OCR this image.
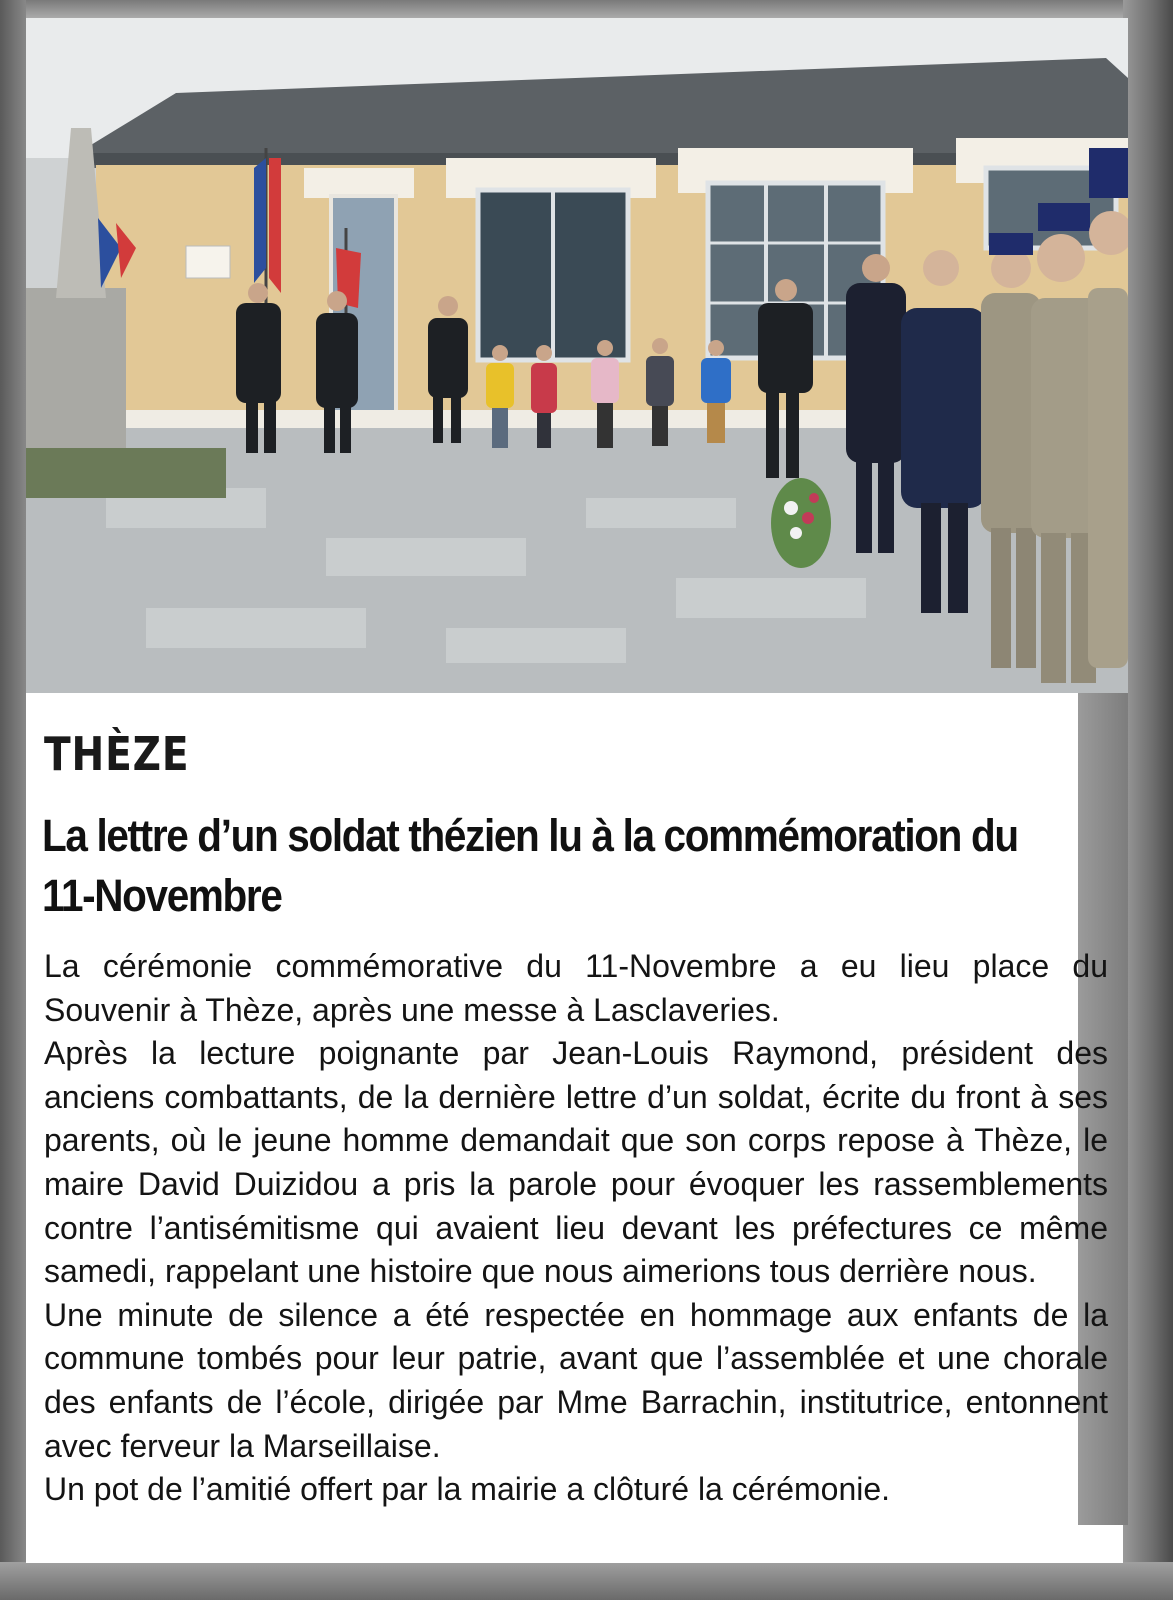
THÈZE
La lettre d’un soldat thézien lu à la commémoration du 11-Novembre

La cérémonie commémorative du 11-Novembre a eu lieu place du Souvenir à Thèze, après une messe à Lasclaveries.

Après la lecture poignante par Jean-Louis Raymond, président des anciens combattants, de la dernière lettre d’un soldat, écrite du front à ses parents, où le jeune homme demandait que son corps repose à Thèze, le maire David Duizidou a pris la parole pour évoquer les rassemblements contre l’antisémitisme qui avaient lieu devant les préfectures ce même samedi, rappelant une histoire que nous aimerions tous derrière nous.

Une minute de silence a été respectée en hommage aux enfants de la commune tombés pour leur patrie, avant que l’assemblée et une chorale des enfants de l’école, dirigée par Mme Barrachin, institutrice, entonnent avec ferveur la Marseillaise.

Un pot de l’amitié offert par la mairie a clôturé la cérémonie.
